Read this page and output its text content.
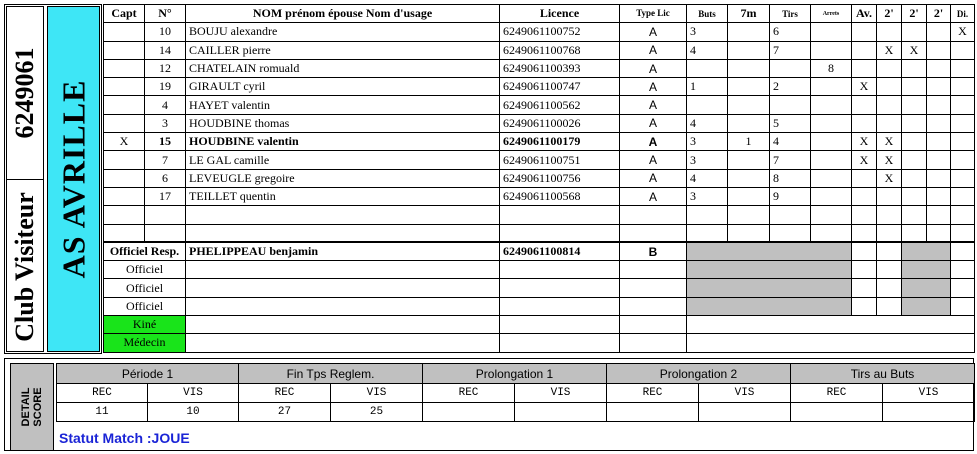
6249061
Club Visiteur AS AVRILLE
Capt	N°	NOM prénom épouse Nom d'usage	Licence	Type Lic	Buts	7m	Tirs	Arrets	Av.	2'	2'	2'	Di.
	10	BOUJU alexandre	6249061100752	A	3		6						X
	14	CAILLER pierre	6249061100768	A	4		7			X	X		
	12	CHATELAIN romuald	6249061100393	A				8					
	19	GIRAULT cyril	6249061100747	A	1		2		X				
	4	HAYET valentin	6249061100562	A									
	3	HOUDBINE thomas	6249061100026	A	4		5						
X	15	HOUDBINE valentin	6249061100179	A	3	1	4		X	X			
	7	LE GAL camille	6249061100751	A	3		7		X	X			
	6	LEVEUGLE gregoire	6249061100756	A	4		8			X			
	17	TEILLET quentin	6249061100568	A	3		9						

Officiel Resp.		PHELIPPEAU benjamin	6249061100814	B									
Officiel													
Officiel													
Officiel													
Kiné													
Médecin													
DETAIL SCORE
Période 1		Fin Tps Reglem.		Prolongation 1		Prolongation 2		Tirs au Buts	
REC	VIS	REC	VIS	REC	VIS	REC	VIS	REC	VIS
11	10	27	25						
Statut Match :JOUE
